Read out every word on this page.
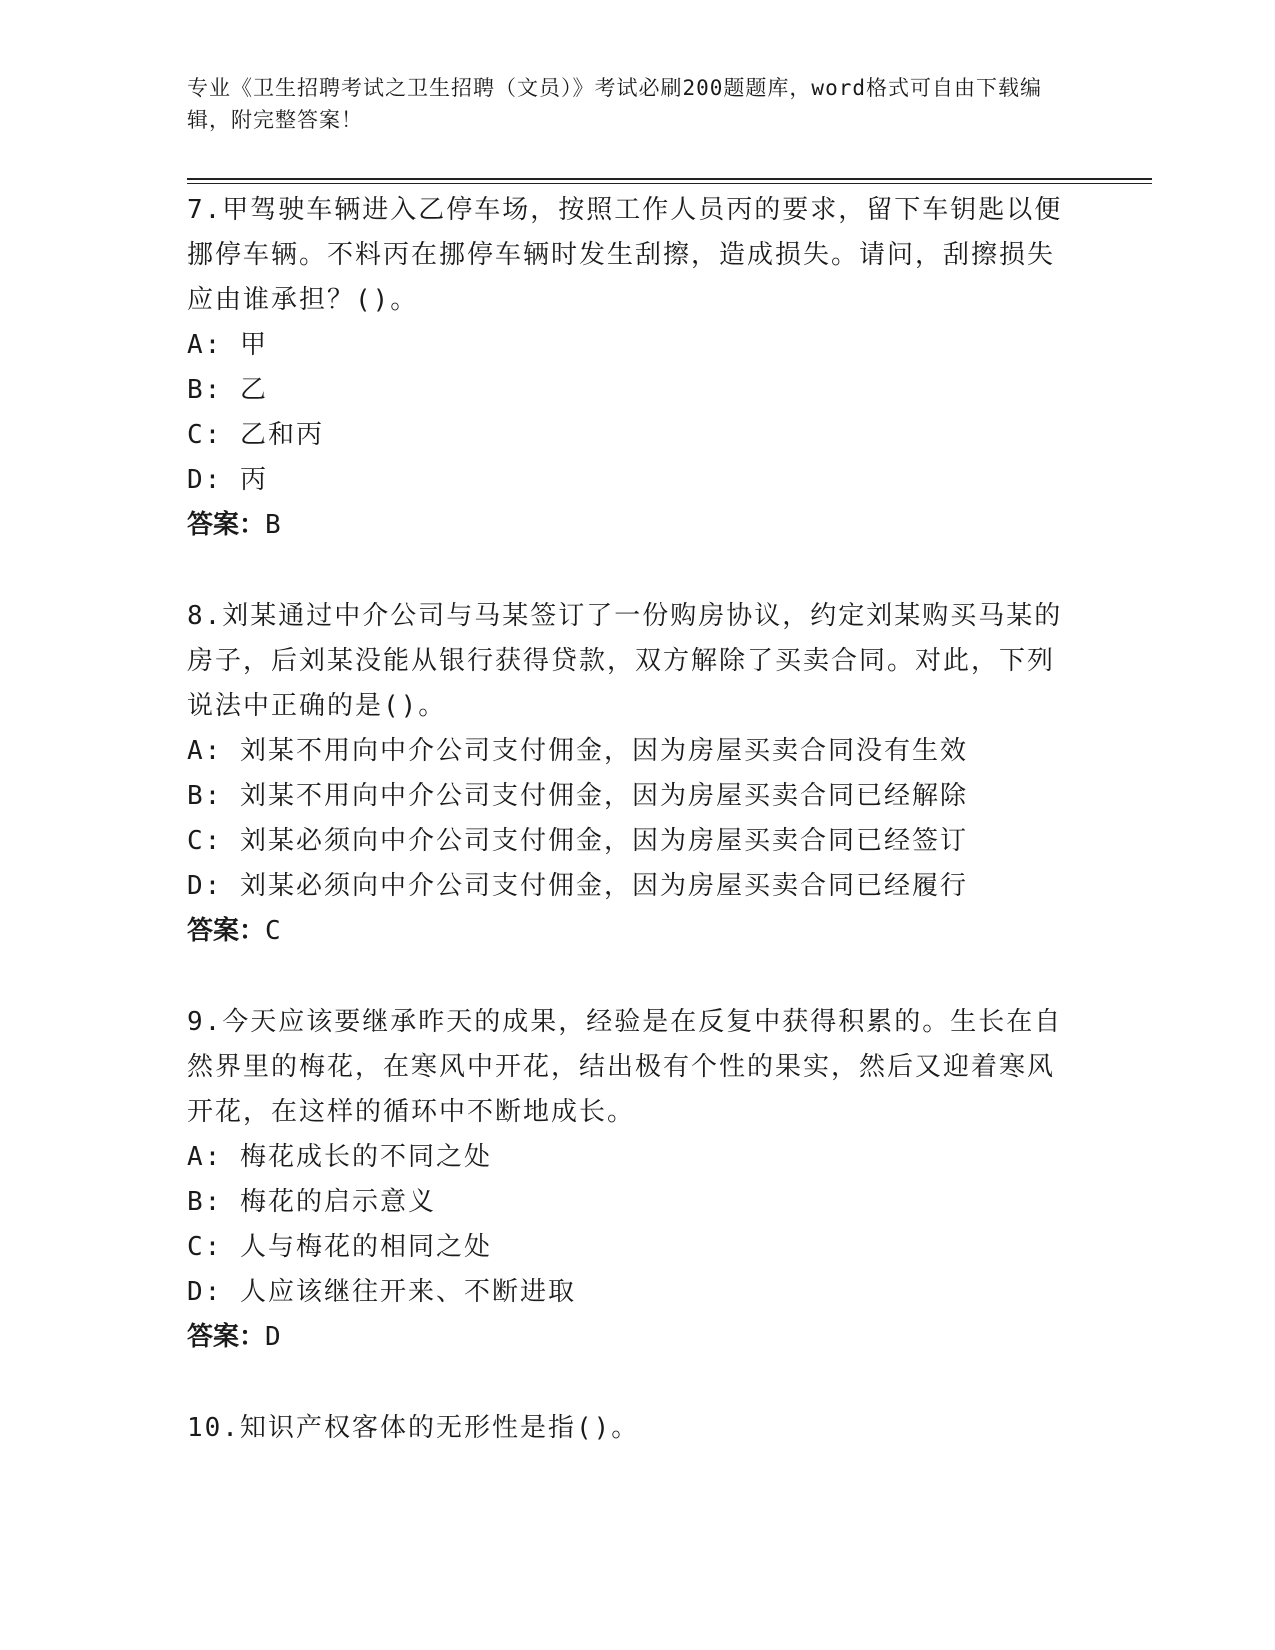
专业《卫生招聘考试之卫生招聘（文员）》考试必刷200题题库，word格式可自由下载编辑，附完整答案！
7.甲驾驶车辆进入乙停车场，按照工作人员丙的要求，留下车钥匙以便挪停车辆。不料丙在挪停车辆时发生刮擦，造成损失。请问，刮擦损失应由谁承担？()。
A: 甲
B: 乙
C: 乙和丙
D: 丙
答案：B
8.刘某通过中介公司与马某签订了一份购房协议，约定刘某购买马某的房子，后刘某没能从银行获得贷款，双方解除了买卖合同。对此，下列说法中正确的是()。
A: 刘某不用向中介公司支付佣金，因为房屋买卖合同没有生效
B: 刘某不用向中介公司支付佣金，因为房屋买卖合同已经解除
C: 刘某必须向中介公司支付佣金，因为房屋买卖合同已经签订
D: 刘某必须向中介公司支付佣金，因为房屋买卖合同已经履行
答案：C
9.今天应该要继承昨天的成果，经验是在反复中获得积累的。生长在自然界里的梅花，在寒风中开花，结出极有个性的果实，然后又迎着寒风开花，在这样的循环中不断地成长。
A: 梅花成长的不同之处
B: 梅花的启示意义
C: 人与梅花的相同之处
D: 人应该继往开来、不断进取
答案：D
10.知识产权客体的无形性是指()。
